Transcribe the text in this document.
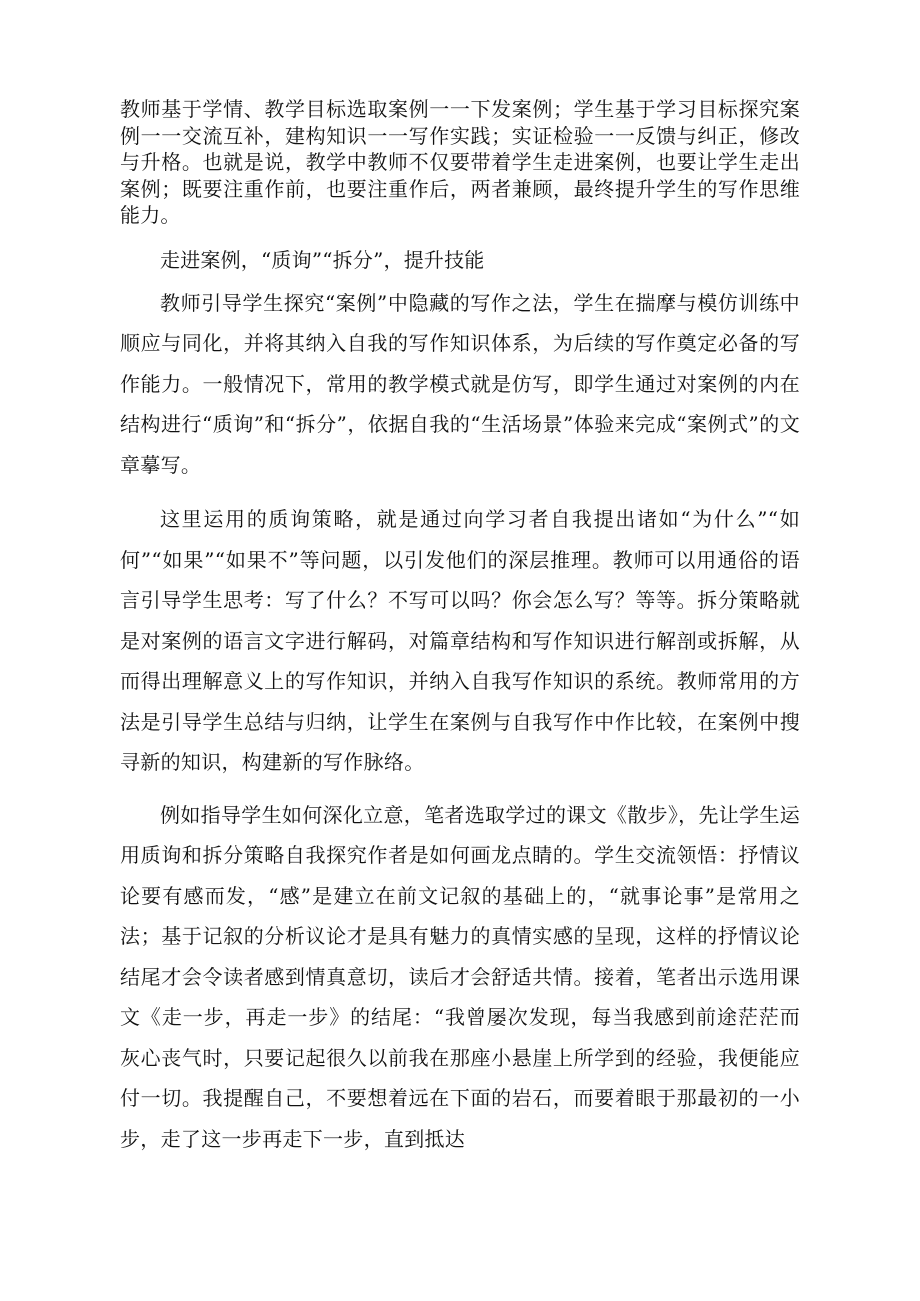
教师基于学情、教学目标选取案例一一下发案例；学生基于学习目标探究案例一一交流互补，建构知识一一写作实践；实证检验一一反馈与纠正，修改与升格。也就是说，教学中教师不仅要带着学生走进案例，也要让学生走出案例；既要注重作前，也要注重作后，两者兼顾，最终提升学生的写作思维能力。

走进案例，“质询”“拆分”，提升技能

教师引导学生探究“案例”中隐藏的写作之法，学生在揣摩与模仿训练中顺应与同化，并将其纳入自我的写作知识体系，为后续的写作奠定必备的写作能力。一般情况下，常用的教学模式就是仿写，即学生通过对案例的内在结构进行“质询”和“拆分”，依据自我的“生活场景”体验来完成“案例式”的文章摹写。

这里运用的质询策略，就是通过向学习者自我提出诸如“为什么”“如何”“如果”“如果不”等问题，以引发他们的深层推理。教师可以用通俗的语言引导学生思考：写了什么？不写可以吗？你会怎么写？等等。拆分策略就是对案例的语言文字进行解码，对篇章结构和写作知识进行解剖或拆解，从而得出理解意义上的写作知识，并纳入自我写作知识的系统。教师常用的方法是引导学生总结与归纳，让学生在案例与自我写作中作比较，在案例中搜寻新的知识，构建新的写作脉络。

例如指导学生如何深化立意，笔者选取学过的课文《散步》，先让学生运用质询和拆分策略自我探究作者是如何画龙点睛的。学生交流领悟：抒情议论要有感而发，“感”是建立在前文记叙的基础上的，“就事论事”是常用之法；基于记叙的分析议论才是具有魅力的真情实感的呈现，这样的抒情议论结尾才会令读者感到情真意切，读后才会舒适共情。接着，笔者出示选用课文《走一步，再走一步》的结尾：“我曾屡次发现，每当我感到前途茫茫而灰心丧气时，只要记起很久以前我在那座小悬崖上所学到的经验，我便能应付一切。我提醒自己，不要想着远在下面的岩石，而要着眼于那最初的一小步，走了这一步再走下一步，直到抵达
